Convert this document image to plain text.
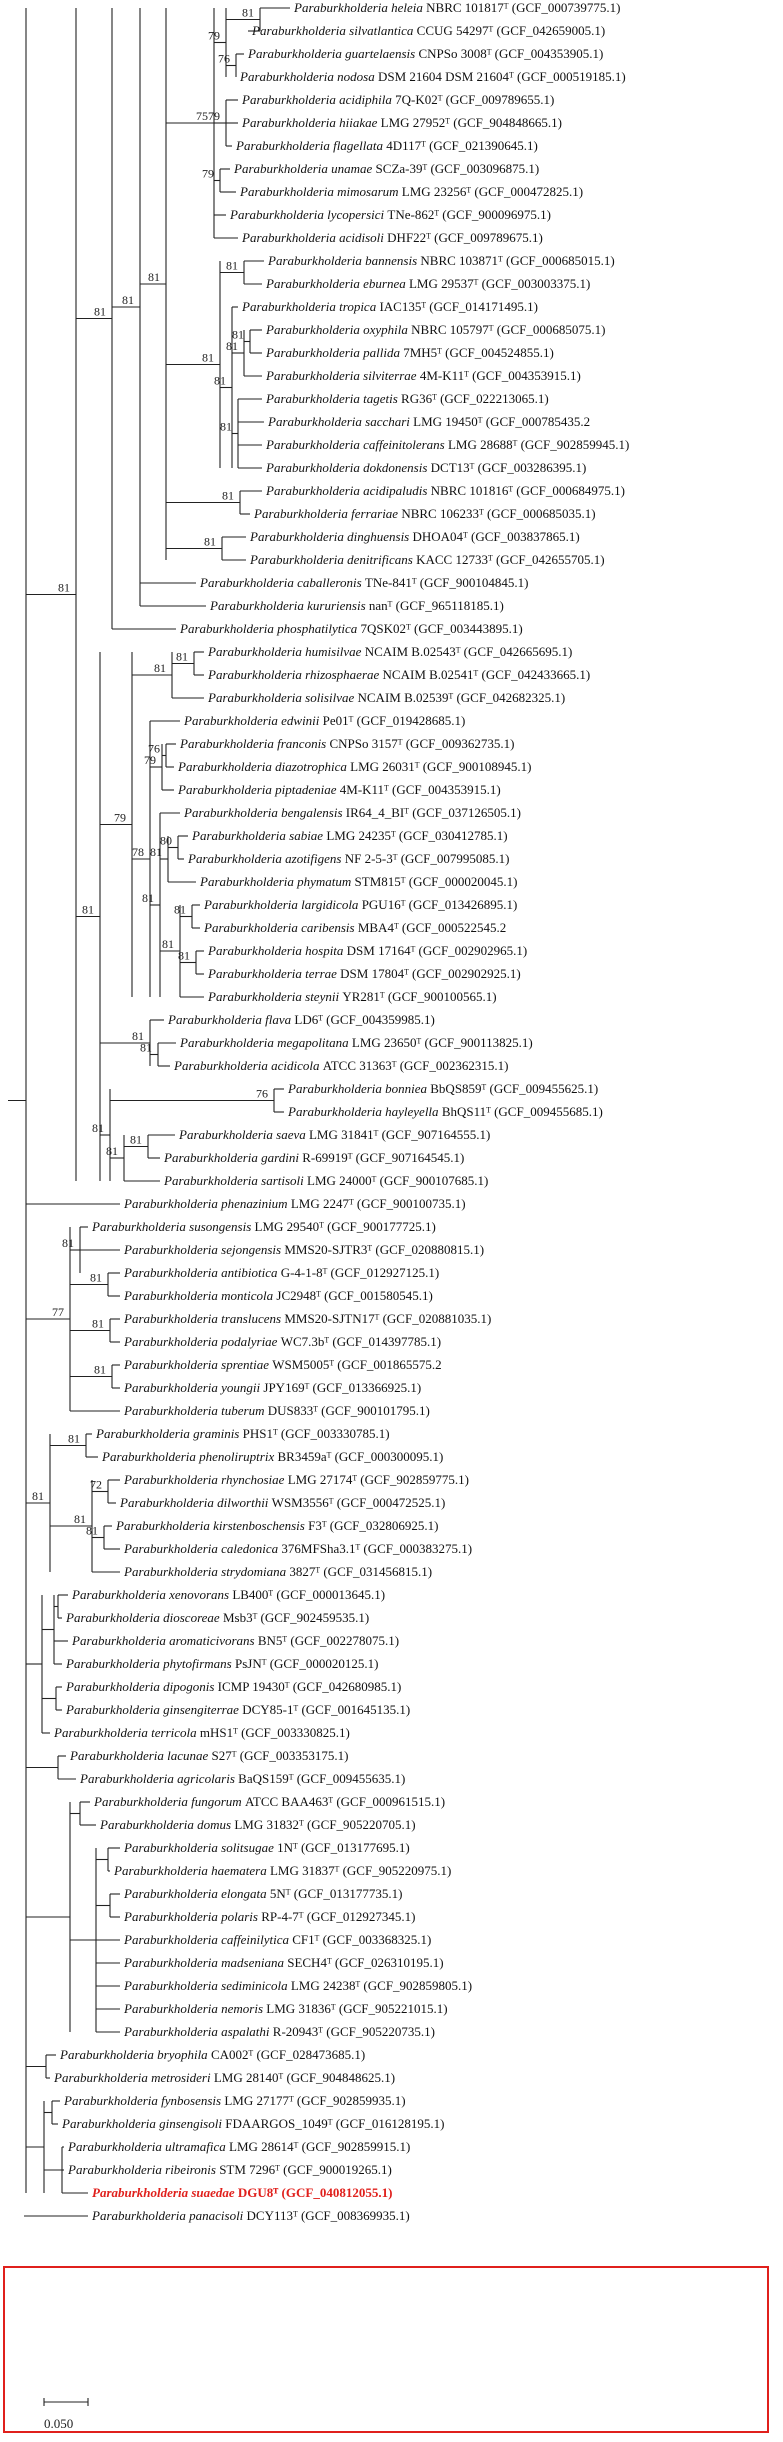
Paraburkholderia heleia NBRC 101817ᵀ (GCF_000739775.1)
Paraburkholderia silvatlantica CCUG 54297ᵀ (GCF_042659005.1)
Paraburkholderia guartelaensis CNPSo 3008ᵀ (GCF_004353905.1)
Paraburkholderia nodosa DSM 21604 DSM 21604ᵀ (GCF_000519185.1)
Paraburkholderia acidiphila 7Q-K02ᵀ (GCF_009789655.1)
Paraburkholderia hiiakae LMG 27952ᵀ (GCF_904848665.1)
Paraburkholderia flagellata 4D117ᵀ (GCF_021390645.1)
Paraburkholderia unamae SCZa-39ᵀ (GCF_003096875.1)
Paraburkholderia mimosarum LMG 23256ᵀ (GCF_000472825.1)
Paraburkholderia lycopersici TNe-862ᵀ (GCF_900096975.1)
Paraburkholderia acidisoli DHF22ᵀ (GCF_009789675.1)
Paraburkholderia bannensis NBRC 103871ᵀ (GCF_000685015.1)
Paraburkholderia eburnea LMG 29537ᵀ (GCF_003003375.1)
Paraburkholderia tropica IAC135ᵀ (GCF_014171495.1)
Paraburkholderia oxyphila NBRC 105797ᵀ (GCF_000685075.1)
Paraburkholderia pallida 7MH5ᵀ (GCF_004524855.1)
Paraburkholderia silviterrae 4M-K11ᵀ (GCF_004353915.1)
Paraburkholderia tagetis RG36ᵀ (GCF_022213065.1)
Paraburkholderia sacchari LMG 19450ᵀ (GCF_000785435.2
Paraburkholderia caffeinitolerans LMG 28688ᵀ (GCF_902859945.1)
Paraburkholderia dokdonensis DCT13ᵀ (GCF_003286395.1)
Paraburkholderia acidipaludis NBRC 101816ᵀ (GCF_000684975.1)
Paraburkholderia ferrariae NBRC 106233ᵀ (GCF_000685035.1)
Paraburkholderia dinghuensis DHOA04ᵀ (GCF_003837865.1)
Paraburkholderia denitrificans KACC 12733ᵀ (GCF_042655705.1)
Paraburkholderia caballeronis TNe-841ᵀ (GCF_900104845.1)
Paraburkholderia kururiensis nanᵀ (GCF_965118185.1)
Paraburkholderia phosphatilytica 7QSK02ᵀ (GCF_003443895.1)
Paraburkholderia humisilvae NCAIM B.02543ᵀ (GCF_042665695.1)
Paraburkholderia rhizosphaerae NCAIM B.02541ᵀ (GCF_042433665.1)
Paraburkholderia solisilvae NCAIM B.02539ᵀ (GCF_042682325.1)
Paraburkholderia edwinii Pe01ᵀ (GCF_019428685.1)
Paraburkholderia franconis CNPSo 3157ᵀ (GCF_009362735.1)
Paraburkholderia diazotrophica LMG 26031ᵀ (GCF_900108945.1)
Paraburkholderia piptadeniae 4M-K11ᵀ (GCF_004353915.1)
Paraburkholderia bengalensis IR64_4_BIᵀ (GCF_037126505.1)
Paraburkholderia sabiae LMG 24235ᵀ (GCF_030412785.1)
Paraburkholderia azotifigens NF 2-5-3ᵀ (GCF_007995085.1)
Paraburkholderia phymatum STM815ᵀ (GCF_000020045.1)
Paraburkholderia largidicola PGU16ᵀ (GCF_013426895.1)
Paraburkholderia caribensis MBA4ᵀ (GCF_000522545.2
Paraburkholderia hospita DSM 17164ᵀ (GCF_002902965.1)
Paraburkholderia terrae DSM 17804ᵀ (GCF_002902925.1)
Paraburkholderia steynii YR281ᵀ (GCF_900100565.1)
Paraburkholderia flava LD6ᵀ (GCF_004359985.1)
Paraburkholderia megapolitana LMG 23650ᵀ (GCF_900113825.1)
Paraburkholderia acidicola ATCC 31363ᵀ (GCF_002362315.1)
Paraburkholderia bonniea BbQS859ᵀ (GCF_009455625.1)
Paraburkholderia hayleyella BhQS11ᵀ (GCF_009455685.1)
Paraburkholderia saeva LMG 31841ᵀ (GCF_907164555.1)
Paraburkholderia gardini R-69919ᵀ (GCF_907164545.1)
Paraburkholderia sartisoli LMG 24000ᵀ (GCF_900107685.1)
Paraburkholderia phenazinium LMG 2247ᵀ (GCF_900100735.1)
Paraburkholderia susongensis LMG 29540ᵀ (GCF_900177725.1)
Paraburkholderia sejongensis MMS20-SJTR3ᵀ (GCF_020880815.1)
Paraburkholderia antibiotica G-4-1-8ᵀ (GCF_012927125.1)
Paraburkholderia monticola JC2948ᵀ (GCF_001580545.1)
Paraburkholderia translucens MMS20-SJTN17ᵀ (GCF_020881035.1)
Paraburkholderia podalyriae WC7.3bᵀ (GCF_014397785.1)
Paraburkholderia sprentiae WSM5005ᵀ (GCF_001865575.2
Paraburkholderia youngii JPY169ᵀ (GCF_013366925.1)
Paraburkholderia tuberum DUS833ᵀ (GCF_900101795.1)
Paraburkholderia graminis PHS1ᵀ (GCF_003330785.1)
Paraburkholderia phenoliruptrix BR3459aᵀ (GCF_000300095.1)
Paraburkholderia rhynchosiae LMG 27174ᵀ (GCF_902859775.1)
Paraburkholderia dilworthii WSM3556ᵀ (GCF_000472525.1)
Paraburkholderia kirstenboschensis F3ᵀ (GCF_032806925.1)
Paraburkholderia caledonica 376MFSha3.1ᵀ (GCF_000383275.1)
Paraburkholderia strydomiana 3827ᵀ (GCF_031456815.1)
Paraburkholderia xenovorans LB400ᵀ (GCF_000013645.1)
Paraburkholderia dioscoreae Msb3ᵀ (GCF_902459535.1)
Paraburkholderia aromaticivorans BN5ᵀ (GCF_002278075.1)
Paraburkholderia phytofirmans PsJNᵀ (GCF_000020125.1)
Paraburkholderia dipogonis ICMP 19430ᵀ (GCF_042680985.1)
Paraburkholderia ginsengiterrae DCY85-1ᵀ (GCF_001645135.1)
Paraburkholderia terricola mHS1ᵀ (GCF_003330825.1)
Paraburkholderia lacunae S27ᵀ (GCF_003353175.1)
Paraburkholderia agricolaris BaQS159ᵀ (GCF_009455635.1)
Paraburkholderia fungorum ATCC BAA463ᵀ (GCF_000961515.1)
Paraburkholderia domus LMG 31832ᵀ (GCF_905220705.1)
Paraburkholderia solitsugae 1Nᵀ (GCF_013177695.1)
Paraburkholderia haematera LMG 31837ᵀ (GCF_905220975.1)
Paraburkholderia elongata 5Nᵀ (GCF_013177735.1)
Paraburkholderia polaris RP-4-7ᵀ (GCF_012927345.1)
Paraburkholderia caffeinilytica CF1ᵀ (GCF_003368325.1)
Paraburkholderia madseniana SECH4ᵀ (GCF_026310195.1)
Paraburkholderia sediminicola LMG 24238ᵀ (GCF_902859805.1)
Paraburkholderia nemoris LMG 31836ᵀ (GCF_905221015.1)
Paraburkholderia aspalathi R-20943ᵀ (GCF_905220735.1)
Paraburkholderia bryophila CA002ᵀ (GCF_028473685.1)
Paraburkholderia metrosideri LMG 28140ᵀ (GCF_904848625.1)
Paraburkholderia fynbosensis LMG 27177ᵀ (GCF_902859935.1)
Paraburkholderia ginsengisoli FDAARGOS_1049ᵀ (GCF_016128195.1)
Paraburkholderia ultramafica LMG 28614ᵀ (GCF_902859915.1)
Paraburkholderia ribeironis STM 7296ᵀ (GCF_900019265.1)
Paraburkholderia suaedae DGU8ᵀ (GCF_040812055.1)
Paraburkholderia panacisoli DCY113ᵀ (GCF_008369935.1)
81
76
79
79
79
75
81
81
81
81
81
81
81
81
81
81
81
81
81
76
79
80
81
81
81
81
81
78
79
81
81
76
81
81
81
81
81
81
81
81
81
77
81
72
81
81
81
0.050
